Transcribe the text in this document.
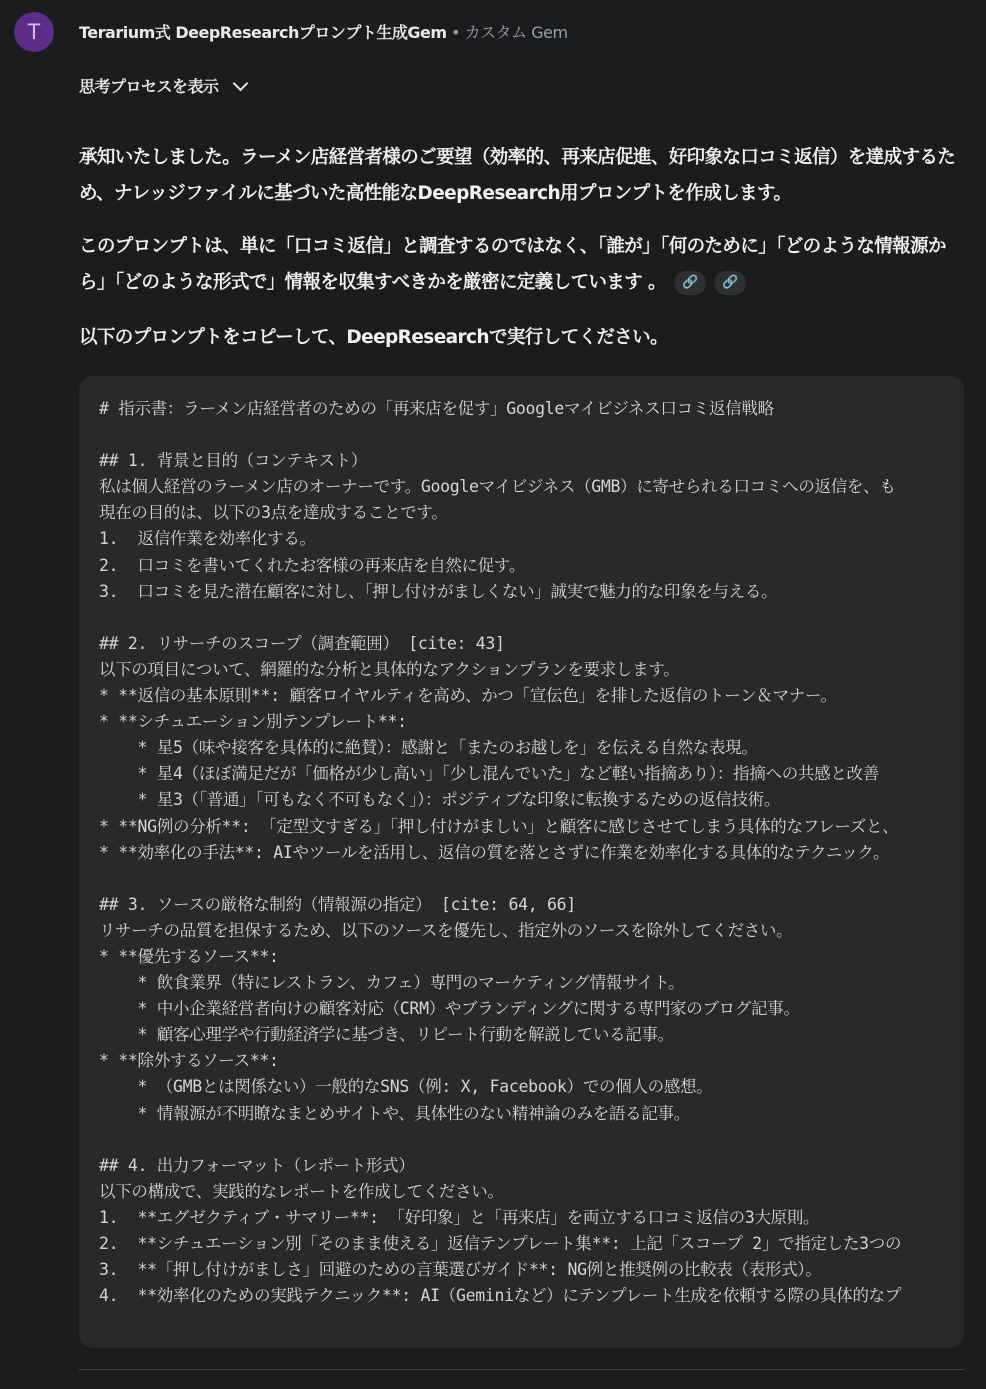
T Terarium式 DeepResearchプロンプト生成Gem • カスタム Gem
思考プロセスを表示
承知いたしました。ラーメン店経営者様のご要望（効率的、再来店促進、好印象な口コミ返信）を達成するため、ナレッジファイルに基づいた高性能なDeepResearch用プロンプトを作成します。
このプロンプトは、単に「口コミ返信」と調査するのではなく、「誰が」「何のために」「どのような情報源から」「どのような形式で」情報を収集すべきかを厳密に定義しています 。 🔗 🔗
以下のプロンプトをコピーして、DeepResearchで実行してください。
# 指示書：ラーメン店経営者のための「再来店を促す」Googleマイビジネス口コミ返信戦略
## 1. 背景と目的（コンテキスト）
私は個人経営のラーメン店のオーナーです。Googleマイビジネス（GMB）に寄せられる口コミへの返信を、も
現在の目的は、以下の3点を達成することです。
1.  返信作業を効率化する。
2.  口コミを書いてくれたお客様の再来店を自然に促す。
3.  口コミを見た潜在顧客に対し、「押し付けがましくない」誠実で魅力的な印象を与える。
## 2. リサーチのスコープ（調査範囲） [cite: 43]
以下の項目について、網羅的な分析と具体的なアクションプランを要求します。
* **返信の基本原則**: 顧客ロイヤルティを高め、かつ「宣伝色」を排した返信のトーン＆マナー。
* **シチュエーション別テンプレート**:
* 星5（味や接客を具体的に絶賛）：感謝と「またのお越しを」を伝える自然な表現。
* 星4（ほぼ満足だが「価格が少し高い」「少し混んでいた」など軽い指摘あり）：指摘への共感と改善
* 星3（「普通」「可もなく不可もなく」）：ポジティブな印象に転換するための返信技術。
* **NG例の分析**: 「定型文すぎる」「押し付けがましい」と顧客に感じさせてしまう具体的なフレーズと、
* **効率化の手法**: AIやツールを活用し、返信の質を落とさずに作業を効率化する具体的なテクニック。
## 3. ソースの厳格な制約（情報源の指定） [cite: 64, 66]
リサーチの品質を担保するため、以下のソースを優先し、指定外のソースを除外してください。
* **優先するソース**:
* 飲食業界（特にレストラン、カフェ）専門のマーケティング情報サイト。
* 中小企業経営者向けの顧客対応（CRM）やブランディングに関する専門家のブログ記事。
* 顧客心理学や行動経済学に基づき、リピート行動を解説している記事。
* **除外するソース**:
* （GMBとは関係ない）一般的なSNS（例: X, Facebook）での個人の感想。
* 情報源が不明瞭なまとめサイトや、具体性のない精神論のみを語る記事。
## 4. 出力フォーマット（レポート形式）
以下の構成で、実践的なレポートを作成してください。
1.  **エグゼクティブ・サマリー**: 「好印象」と「再来店」を両立する口コミ返信の3大原則。
2.  **シチュエーション別「そのまま使える」返信テンプレート集**: 上記「スコープ 2」で指定した3つの
3.  **「押し付けがましさ」回避のための言葉選びガイド**: NG例と推奨例の比較表（表形式）。
4.  **効率化のための実践テクニック**: AI（Geminiなど）にテンプレート生成を依頼する際の具体的なプ
